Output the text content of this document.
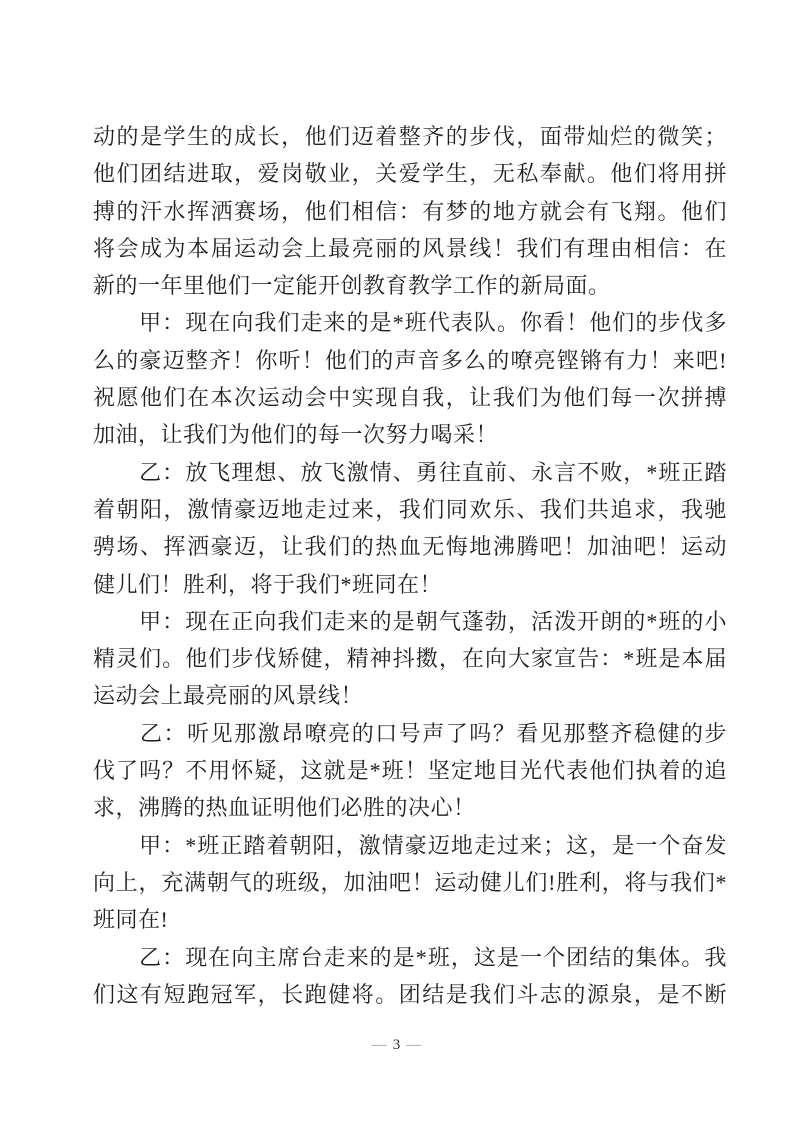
动的是学生的成长，他们迈着整齐的步伐，面带灿烂的微笑；
他们团结进取，爱岗敬业，关爱学生，无私奉献。他们将用拼
搏的汗水挥洒赛场，他们相信：有梦的地方就会有飞翔。他们
将会成为本届运动会上最亮丽的风景线！我们有理由相信：在
新的一年里他们一定能开创教育教学工作的新局面。
　　甲：现在向我们走来的是*班代表队。你看！他们的步伐多
么的豪迈整齐！你听！他们的声音多么的嘹亮铿锵有力！来吧!
祝愿他们在本次运动会中实现自我，让我们为他们每一次拼搏
加油，让我们为他们的每一次努力喝采！
　　乙：放飞理想、放飞激情、勇往直前、永言不败，*班正踏
着朝阳，激情豪迈地走过来，我们同欢乐、我们共追求，我驰
骋场、挥洒豪迈，让我们的热血无悔地沸腾吧！加油吧！运动
健儿们！胜利，将于我们*班同在！
　　甲：现在正向我们走来的是朝气蓬勃，活泼开朗的*班的小
精灵们。他们步伐矫健，精神抖擞，在向大家宣告：*班是本届
运动会上最亮丽的风景线！
　　乙：听见那激昂嘹亮的口号声了吗？看见那整齐稳健的步
伐了吗？不用怀疑，这就是*班！坚定地目光代表他们执着的追
求，沸腾的热血证明他们必胜的决心！
　　甲：*班正踏着朝阳，激情豪迈地走过来；这，是一个奋发
向上，充满朝气的班级，加油吧！运动健儿们!胜利，将与我们*
班同在!
　　乙：现在向主席台走来的是*班，这是一个团结的集体。我
们这有短跑冠军，长跑健将。团结是我们斗志的源泉，是不断
— 3 —
